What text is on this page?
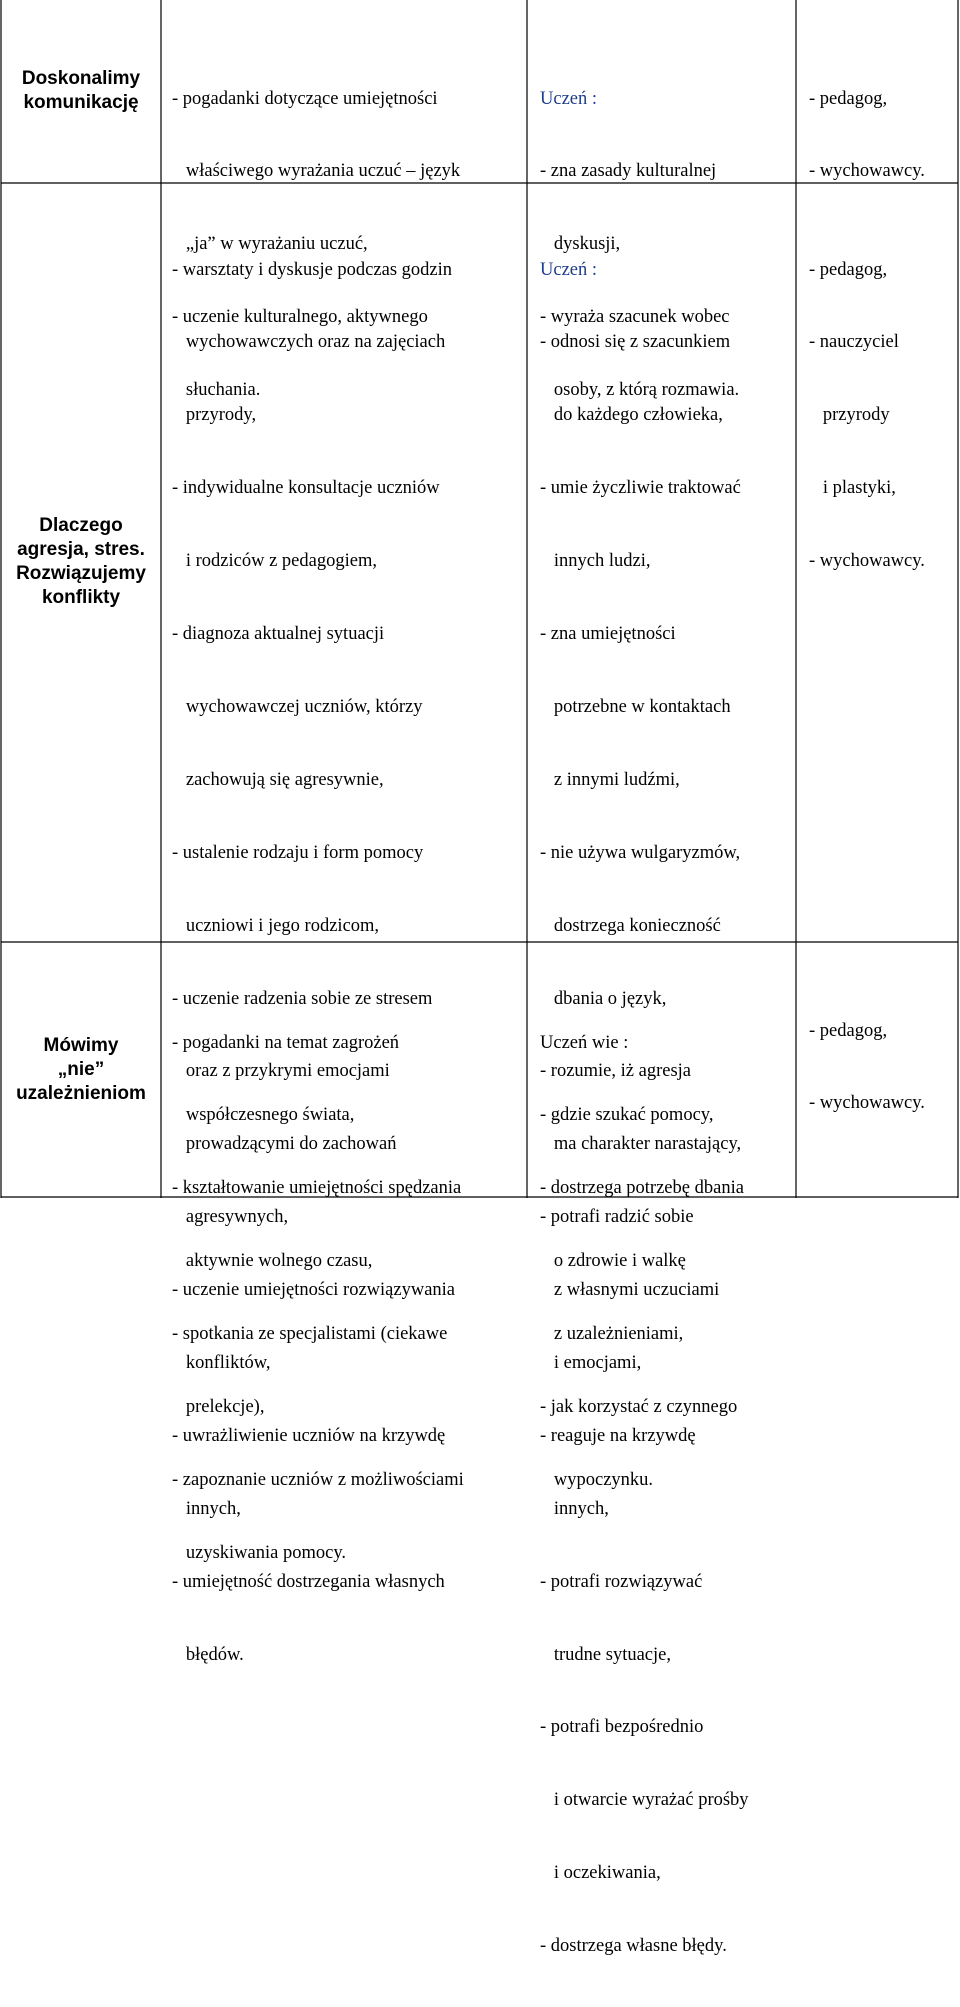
Doskonalimy
komunikację

	- pogadanki dotyczące umiejętności

właściwego wyrażania uczuć – język

„ja” w wyrażaniu uczuć,

- uczenie kulturalnego, aktywnego

słuchania.

Uczeń :

- zna zasady kulturalnej

dyskusji,

- wyraża szacunek wobec

osoby, z którą rozmawia.

- pedagog,

- wychowawcy.

Dlaczego
agresja, stres.
Rozwiązujemy
konflikty

- warsztaty i dyskusje podczas godzin

wychowawczych oraz na zajęciach

przyrody,

- indywidualne konsultacje uczniów

i rodziców z pedagogiem,

- diagnoza aktualnej sytuacji

wychowawczej uczniów, którzy

zachowują się agresywnie,

- ustalenie rodzaju i form pomocy

uczniowi i jego rodzicom,

- uczenie radzenia sobie ze stresem

oraz z przykrymi emocjami

prowadzącymi do zachowań

agresywnych,

- uczenie umiejętności rozwiązywania

konfliktów,

- uwrażliwienie uczniów na krzywdę

innych,

- umiejętność dostrzegania własnych

błędów.

Uczeń :

- odnosi się z szacunkiem

do każdego człowieka,

- umie życzliwie traktować

innych ludzi,

- zna umiejętności

potrzebne w kontaktach

z innymi ludźmi,

- nie używa wulgaryzmów,

dostrzega konieczność

dbania o język,

- rozumie, iż agresja

ma charakter narastający,

- potrafi radzić sobie

z własnymi uczuciami

i emocjami,

- reaguje na krzywdę

innych,

- potrafi rozwiązywać

trudne sytuacje,

- potrafi bezpośrednio

i otwarcie wyrażać prośby

i oczekiwania,

- dostrzega własne błędy.

- pedagog,

- nauczyciel

przyrody

i plastyki,

- wychowawcy.

Mówimy
„nie”
uzależnieniom

- pogadanki na temat zagrożeń

współczesnego świata,

- kształtowanie umiejętności spędzania

aktywnie wolnego czasu,

- spotkania ze specjalistami (ciekawe

prelekcje),

- zapoznanie uczniów z możliwościami

uzyskiwania pomocy.

Uczeń wie :

- gdzie szukać pomocy,

- dostrzega potrzebę dbania

o zdrowie i walkę

z uzależnieniami,

- jak korzystać z czynnego

wypoczynku.

- pedagog,

- wychowawcy.
